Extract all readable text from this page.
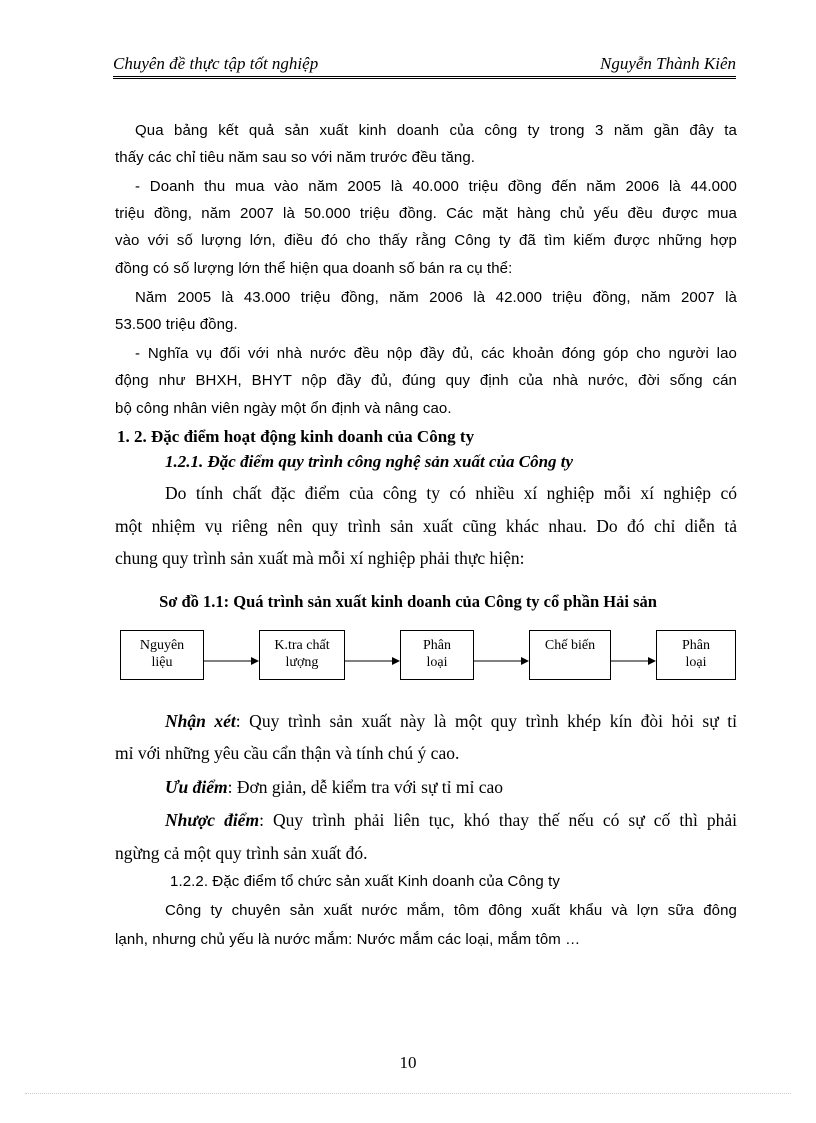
Chuyên đề thực tập tốt nghiệp	Nguyễn Thành Kiên
Qua bảng kết quả sản xuất kinh doanh của công ty trong 3 năm gần đây ta
thấy các chỉ tiêu năm sau so với năm trước đều tăng.
- Doanh thu mua vào năm 2005 là 40.000 triệu đồng đến năm 2006 là 44.000
triệu đồng, năm 2007 là 50.000 triệu đồng. Các mặt hàng chủ yếu đều được mua
vào với số lượng lớn, điều đó cho thấy rằng Công ty đã tìm kiếm được những hợp
đồng có số lượng lớn thể hiện qua doanh số bán ra cụ thể:
Năm 2005 là 43.000 triệu đồng, năm 2006 là 42.000 triệu đồng, năm 2007 là
53.500 triệu đồng.
- Nghĩa vụ đối với nhà nước đều nộp đầy đủ, các khoản đóng góp cho người lao
động như BHXH, BHYT nộp đầy đủ, đúng quy định của nhà nước, đời sống cán
bộ công nhân viên ngày một ổn định và nâng cao.
1. 2. Đặc điểm hoạt động kinh doanh của Công ty
1.2.1. Đặc điểm quy trình công nghệ sản xuất của Công ty
Do tính chất đặc điểm của công ty có nhiều xí nghiệp mỗi xí nghiệp có
một nhiệm vụ riêng nên quy trình sản xuất cũng khác nhau. Do đó chỉ diễn tả
chung quy trình sản xuất mà mỗi xí nghiệp phải thực hiện:
Sơ đồ 1.1: Quá trình sản xuất kinh doanh của Công ty cổ phần Hải sản
Nguyên
liệu
K.tra chất
lượng
Phân
loại
Chế biến	Phân
loại
Nhận xét: Quy trình sản xuất này là một quy trình khép kín đòi hỏi sự tỉ
mỉ với những yêu cầu cẩn thận và tính chú ý cao.
Ưu điểm: Đơn giản, dễ kiểm tra với sự tỉ mỉ cao
Nhược điểm: Quy trình phải liên tục, khó thay thế nếu có sự cố thì phải
ngừng cả một quy trình sản xuất đó.
1.2.2. Đặc điểm tổ chức sản xuất Kinh doanh của Công ty
Công ty chuyên sản xuất nước mắm, tôm đông xuất khẩu và lợn sữa đông
lạnh, nhưng chủ yếu là nước mắm: Nước mắm các loại, mắm tôm …
10
